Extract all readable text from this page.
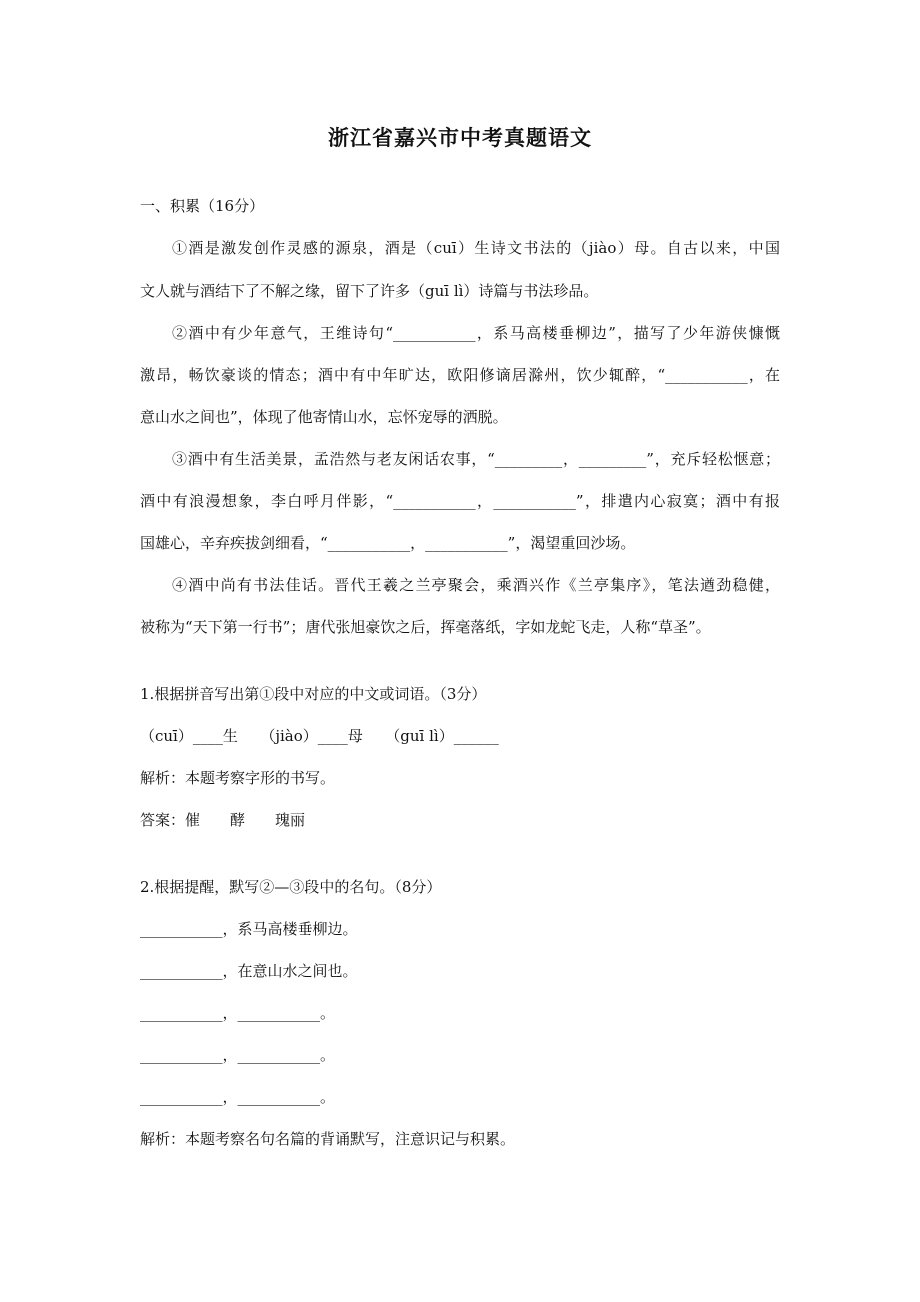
浙江省嘉兴市中考真题语文
一、积累（16分）
①酒是激发创作灵感的源泉，酒是（cuī）生诗文书法的（jiào）母。自古以来，中国
文人就与酒结下了不解之缘，留下了许多（guī lì）诗篇与书法珍品。
②酒中有少年意气，王维诗句“___________，系马高楼垂柳边”，描写了少年游侠慷慨
激昂，畅饮豪谈的情态；酒中有中年旷达，欧阳修谪居滁州，饮少辄醉，“___________，在
意山水之间也”，体现了他寄情山水，忘怀宠辱的洒脱。
③酒中有生活美景，孟浩然与老友闲话农事，“_________，_________”，充斥轻松惬意；
酒中有浪漫想象，李白呼月伴影，“___________，___________”，排遣内心寂寞；酒中有报
国雄心，辛弃疾拔剑细看，“___________，___________”，渴望重回沙场。
④酒中尚有书法佳话。晋代王羲之兰亭聚会，乘酒兴作《兰亭集序》，笔法遒劲稳健，
被称为“天下第一行书”；唐代张旭豪饮之后，挥毫落纸，字如龙蛇飞走，人称“草圣”。
1.根据拼音写出第①段中对应的中文或词语。（3分）
（cuī）____生　　（jiào）____母　　（guī lì）______
解析：本题考察字形的书写。
答案：催　　酵　　瑰丽
2.根据提醒，默写②—③段中的名句。（8分）
___________，系马高楼垂柳边。
___________，在意山水之间也。
___________，___________。
___________，___________。
___________，___________。
解析：本题考察名句名篇的背诵默写，注意识记与积累。
